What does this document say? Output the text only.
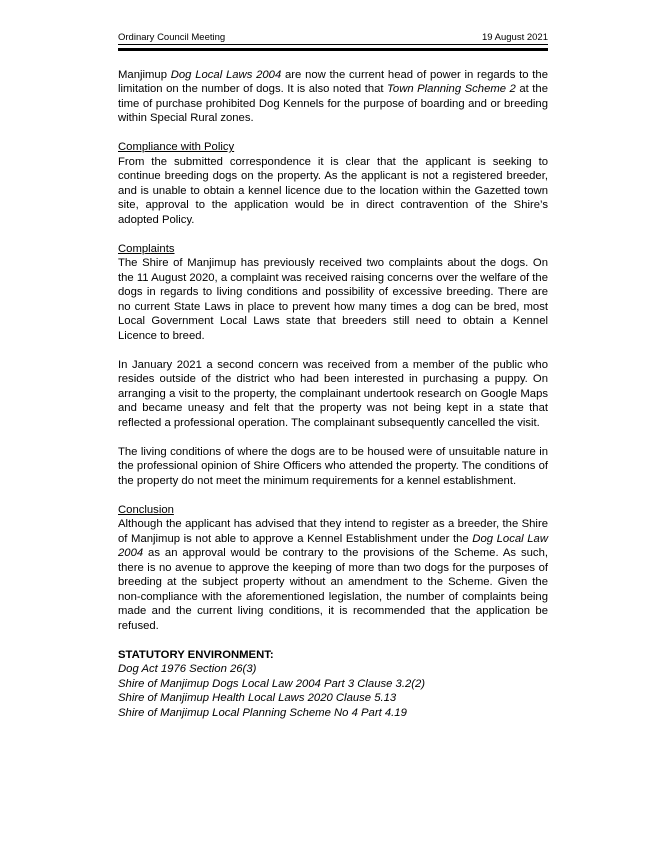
Ordinary Council Meeting	19 August 2021

Manjimup Dog Local Laws 2004 are now the current head of power in regards to the limitation on the number of dogs. It is also noted that Town Planning Scheme 2 at the time of purchase prohibited Dog Kennels for the purpose of boarding and or breeding within Special Rural zones.

Compliance with Policy

From the submitted correspondence it is clear that the applicant is seeking to continue breeding dogs on the property. As the applicant is not a registered breeder, and is unable to obtain a kennel licence due to the location within the Gazetted town site, approval to the application would be in direct contravention of the Shire’s adopted Policy.

Complaints

The Shire of Manjimup has previously received two complaints about the dogs. On the 11 August 2020, a complaint was received raising concerns over the welfare of the dogs in regards to living conditions and possibility of excessive breeding. There are no current State Laws in place to prevent how many times a dog can be bred, most Local Government Local Laws state that breeders still need to obtain a Kennel Licence to breed.

In January 2021 a second concern was received from a member of the public who resides outside of the district who had been interested in purchasing a puppy. On arranging a visit to the property, the complainant undertook research on Google Maps and became uneasy and felt that the property was not being kept in a state that reflected a professional operation. The complainant subsequently cancelled the visit.

The living conditions of where the dogs are to be housed were of unsuitable nature in the professional opinion of Shire Officers who attended the property. The conditions of the property do not meet the minimum requirements for a kennel establishment.

Conclusion

Although the applicant has advised that they intend to register as a breeder, the Shire of Manjimup is not able to approve a Kennel Establishment under the Dog Local Law 2004 as an approval would be contrary to the provisions of the Scheme. As such, there is no avenue to approve the keeping of more than two dogs for the purposes of breeding at the subject property without an amendment to the Scheme. Given the non-compliance with the aforementioned legislation, the number of complaints being made and the current living conditions, it is recommended that the application be refused.

STATUTORY ENVIRONMENT:
Dog Act 1976 Section 26(3)
Shire of Manjimup Dogs Local Law 2004 Part 3 Clause 3.2(2)
Shire of Manjimup Health Local Laws 2020 Clause 5.13
Shire of Manjimup Local Planning Scheme No 4 Part 4.19
